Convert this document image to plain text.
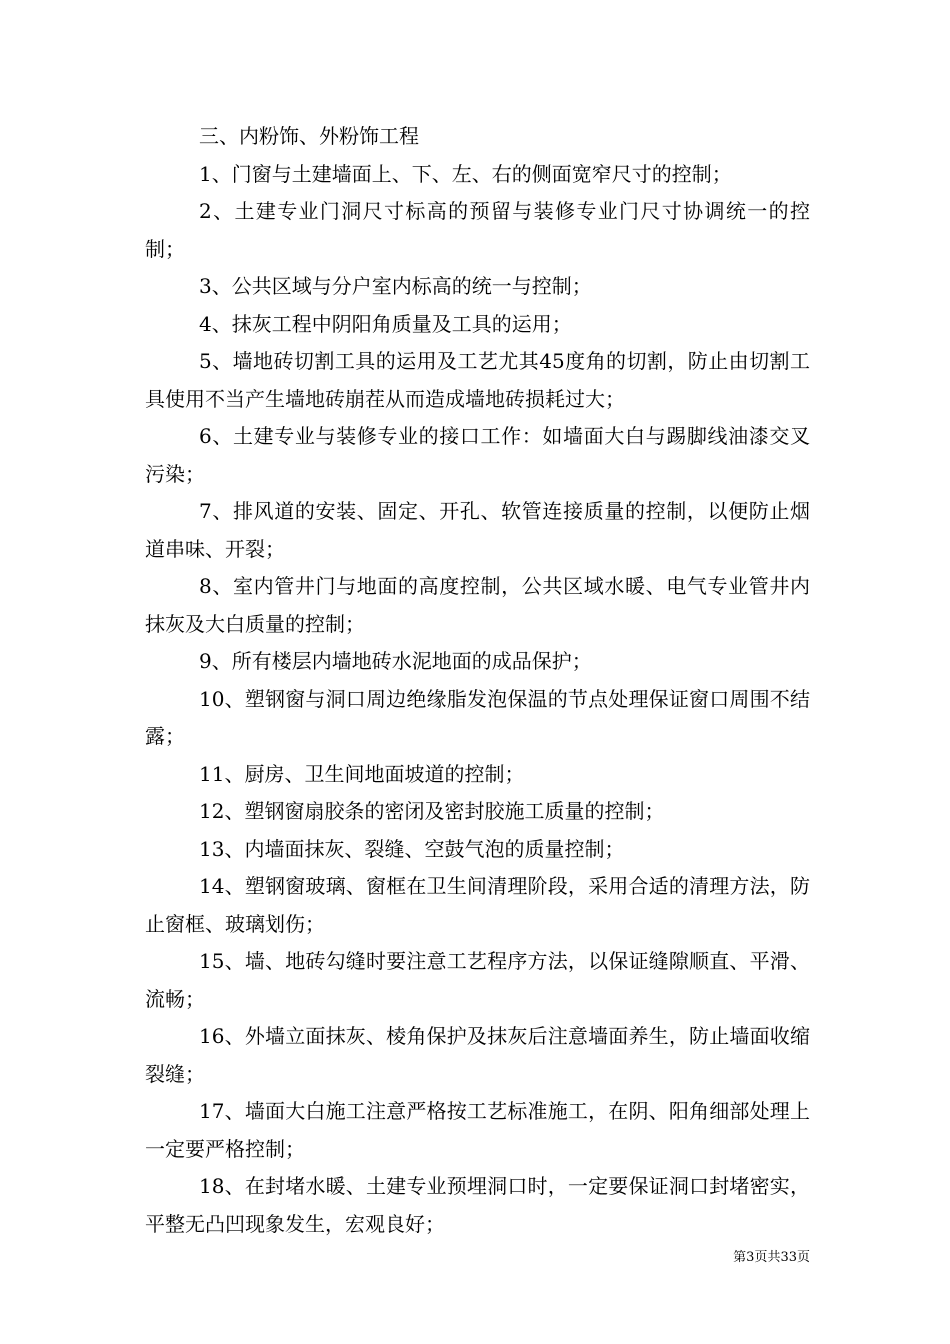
三、内粉饰、外粉饰工程

1、门窗与土建墙面上、下、左、右的侧面宽窄尺寸的控制；

2、土建专业门洞尺寸标高的预留与装修专业门尺寸协调统一的控制；

3、公共区域与分户室内标高的统一与控制；

4、抹灰工程中阴阳角质量及工具的运用；

5、墙地砖切割工具的运用及工艺尤其45度角的切割，防止由切割工具使用不当产生墙地砖崩茬从而造成墙地砖损耗过大；

6、土建专业与装修专业的接口工作：如墙面大白与踢脚线油漆交叉污染；

7、排风道的安装、固定、开孔、软管连接质量的控制，以便防止烟道串味、开裂；

8、室内管井门与地面的高度控制，公共区域水暖、电气专业管井内抹灰及大白质量的控制；

9、所有楼层内墙地砖水泥地面的成品保护；

10、塑钢窗与洞口周边绝缘脂发泡保温的节点处理保证窗口周围不结露；

11、厨房、卫生间地面坡道的控制；

12、塑钢窗扇胶条的密闭及密封胶施工质量的控制；

13、内墙面抹灰、裂缝、空鼓气泡的质量控制；

14、塑钢窗玻璃、窗框在卫生间清理阶段，采用合适的清理方法，防止窗框、玻璃划伤；

15、墙、地砖勾缝时要注意工艺程序方法，以保证缝隙顺直、平滑、流畅；

16、外墙立面抹灰、棱角保护及抹灰后注意墙面养生，防止墙面收缩裂缝；

17、墙面大白施工注意严格按工艺标准施工，在阴、阳角细部处理上一定要严格控制；

18、在封堵水暖、土建专业预埋洞口时，一定要保证洞口封堵密实，平整无凸凹现象发生，宏观良好；

第3页共33页
